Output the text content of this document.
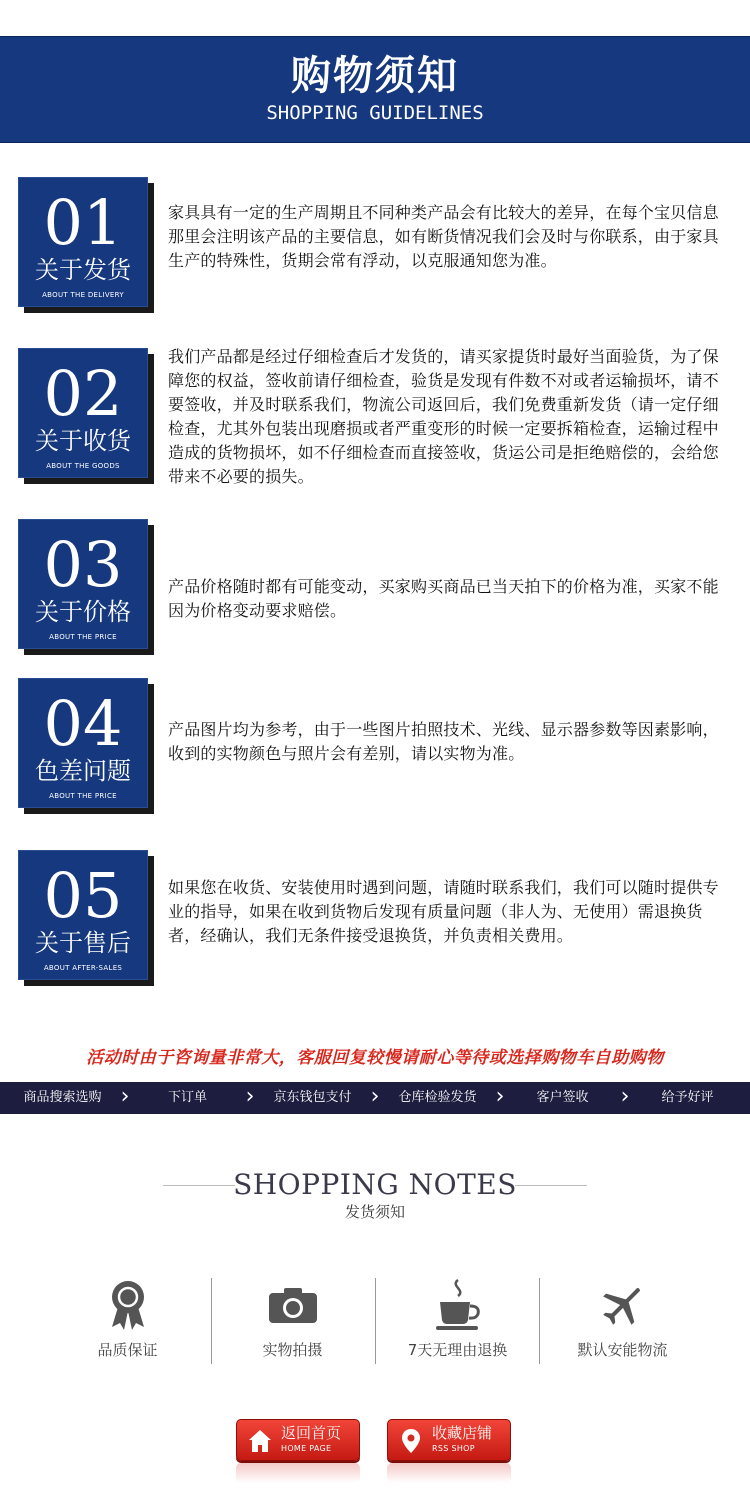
购物须知
SHOPPING GUIDELINES
01
关于发货
ABOUT THE DELIVERY
家具具有一定的生产周期且不同种类产品会有比较大的差异，在每个宝贝信息那里会注明该产品的主要信息，如有断货情况我们会及时与你联系，由于家具生产的特殊性，货期会常有浮动，以克服通知您为准。
02
关于收货
ABOUT THE GOODS
我们产品都是经过仔细检查后才发货的，请买家提货时最好当面验货，为了保障您的权益，签收前请仔细检查，验货是发现有件数不对或者运输损坏，请不要签收，并及时联系我们，物流公司返回后，我们免费重新发货（请一定仔细检查，尤其外包装出现磨损或者严重变形的时候一定要拆箱检查，运输过程中造成的货物损坏，如不仔细检查而直接签收，货运公司是拒绝赔偿的，会给您带来不必要的损失。
03
关于价格
ABOUT THE PRICE
产品价格随时都有可能变动，买家购买商品已当天拍下的价格为准，买家不能因为价格变动要求赔偿。
04
色差问题
ABOUT THE PRICE
产品图片均为参考，由于一些图片拍照技术、光线、显示器参数等因素影响，收到的实物颜色与照片会有差别，请以实物为准。
05
关于售后
ABOUT AFTER-SALES
如果您在收货、安装使用时遇到问题，请随时联系我们，我们可以随时提供专业的指导，如果在收到货物后发现有质量问题（非人为、无使用）需退换货者，经确认，我们无条件接受退换货，并负责相关费用。
活动时由于咨询量非常大，客服回复较慢请耐心等待或选择购物车自助购物
商品搜索选购 ›	下订单 ›	京东钱包支付 ›	仓库检验发货 ›	客户签收 ›	给予好评
SHOPPING NOTES
发货须知
品质保证	实物拍摄	7天无理由退换	默认安能物流
返回首页
HOME PAGE
收藏店铺
RSS SHOP
